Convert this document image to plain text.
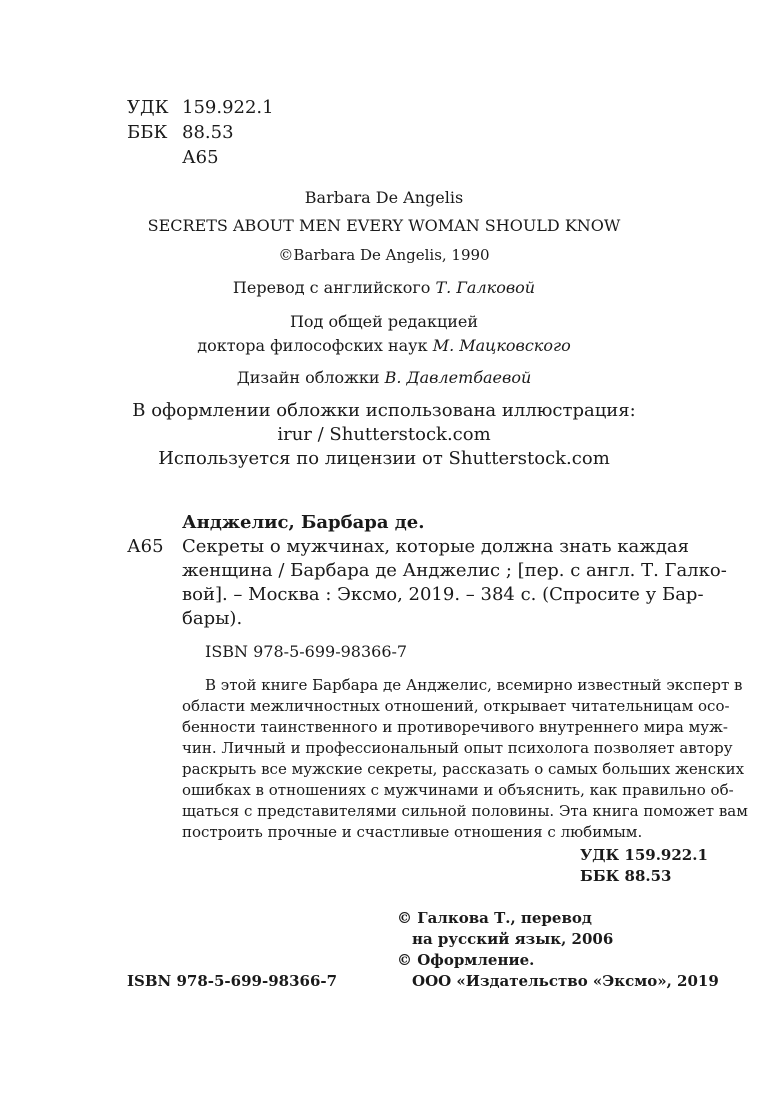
УДК 159.922.1
ББК 88.53
А65
Barbara De Angelis
SECRETS ABOUT MEN EVERY WOMAN SHOULD KNOW
©Barbara De Angelis, 1990
Перевод с английского Т. Галковой
Под общей редакцией
доктора философских наук М. Мацковского
Дизайн обложки В. Давлетбаевой
В оформлении обложки использована иллюстрация:
irur / Shutterstock.com
Используется по лицензии от Shutterstock.com
Анджелис, Барбара де.
А65 Секреты о мужчинах, которые должна знать каждая
женщина / Барбара де Анджелис ; [пер. с англ. Т. Галко-
вой]. – Москва : Эксмо, 2019. – 384 с. (Спросите у Бар-
бары).
ISBN 978-5-699-98366-7
В этой книге Барбара де Анджелис, всемирно известный эксперт в
области межличностных отношений, открывает читательницам осо-
бенности таинственного и противоречивого внутреннего мира муж-
чин. Личный и профессиональный опыт психолога позволяет автору
раскрыть все мужские секреты, рассказать о самых больших женских
ошибках в отношениях с мужчинами и объяснить, как правильно об-
щаться с представителями сильной половины. Эта книга поможет вам
построить прочные и счастливые отношения с любимым.
УДК 159.922.1
ББК 88.53
© Галкова Т., перевод
на русский язык, 2006
© Оформление.
ООО «Издательство «Эксмо», 2019
ISBN 978-5-699-98366-7
